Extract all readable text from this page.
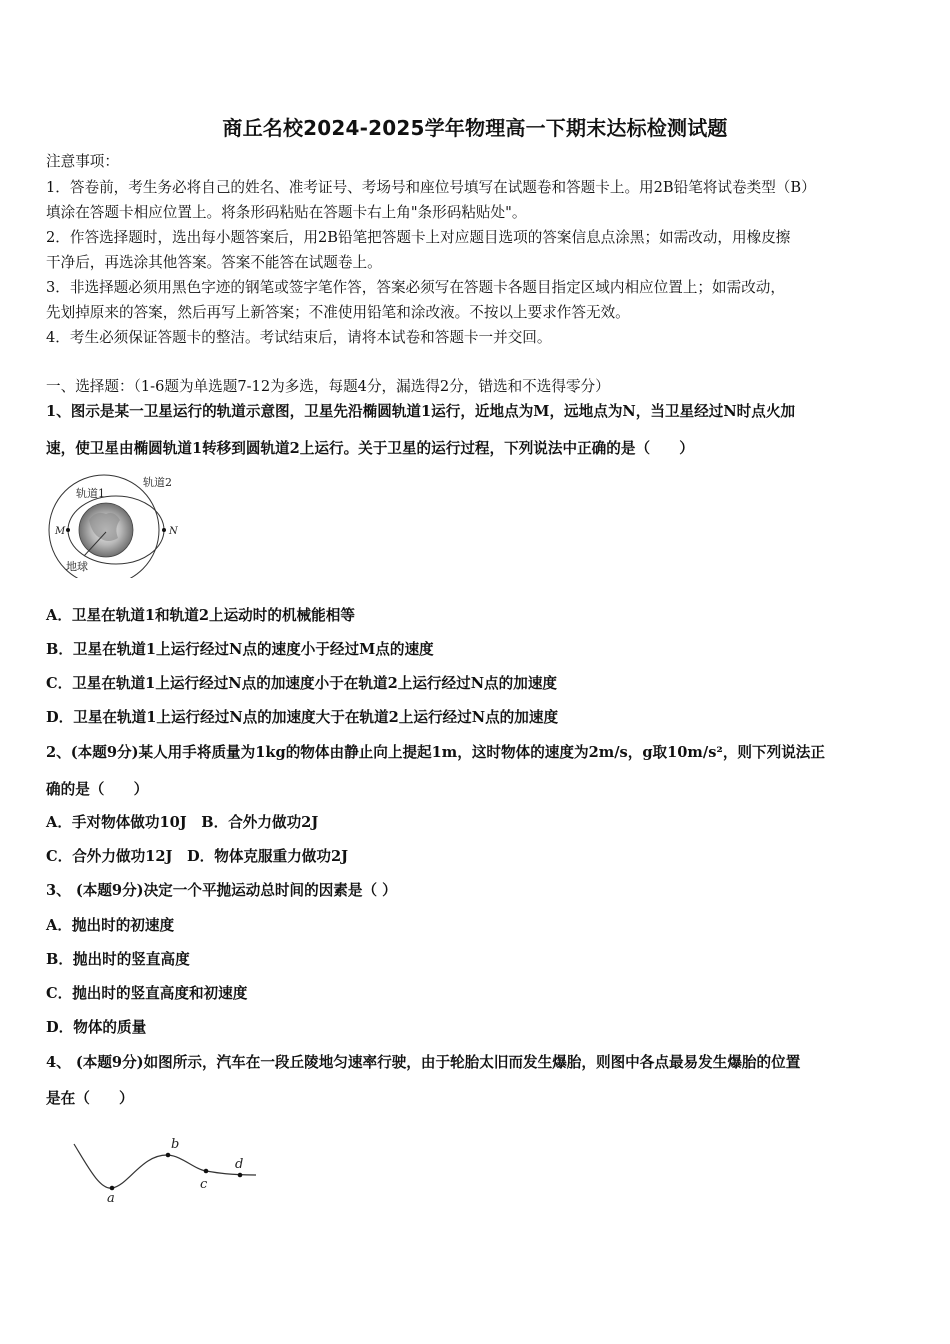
商丘名校2024-2025学年物理高一下期末达标检测试题
注意事项：
1．答卷前，考生务必将自己的姓名、准考证号、考场号和座位号填写在试题卷和答题卡上。用2B铅笔将试卷类型（B）
填涂在答题卡相应位置上。将条形码粘贴在答题卡右上角"条形码粘贴处"。
2．作答选择题时，选出每小题答案后，用2B铅笔把答题卡上对应题目选项的答案信息点涂黑；如需改动，用橡皮擦
干净后，再选涂其他答案。答案不能答在试题卷上。
3．非选择题必须用黑色字迹的钢笔或签字笔作答，答案必须写在答题卡各题目指定区域内相应位置上；如需改动，
先划掉原来的答案，然后再写上新答案；不准使用铅笔和涂改液。不按以上要求作答无效。
4．考生必须保证答题卡的整洁。考试结束后，请将本试卷和答题卡一并交回。
一、选择题：（1-6题为单选题7-12为多选，每题4分，漏选得2分，错选和不选得零分）
1、图示是某一卫星运行的轨道示意图，卫星先沿椭圆轨道1运行，近地点为M，远地点为N，当卫星经过N时点火加
速，使卫星由椭圆轨道1转移到圆轨道2上运行。关于卫星的运行过程，下列说法中正确的是（　　）
轨道1
轨道2
M	N
地球
A．卫星在轨道1和轨道2上运动时的机械能相等
B．卫星在轨道1上运行经过N点的速度小于经过M点的速度
C．卫星在轨道1上运行经过N点的加速度小于在轨道2上运行经过N点的加速度
D．卫星在轨道1上运行经过N点的加速度大于在轨道2上运行经过N点的加速度
2、(本题9分)某人用手将质量为1kg的物体由静止向上提起1m，这时物体的速度为2m/s，g取10m/s²，则下列说法正
确的是（　　）
A．手对物体做功10J　B．合外力做功2J
C．合外力做功12J　D．物体克服重力做功2J
3、 (本题9分)决定一个平抛运动总时间的因素是（ ）
A．抛出时的初速度
B．抛出时的竖直高度
C．抛出时的竖直高度和初速度
D．物体的质量
4、 (本题9分)如图所示，汽车在一段丘陵地匀速率行驶，由于轮胎太旧而发生爆胎，则图中各点最易发生爆胎的位置
是在（　　）
a
b
c
d
